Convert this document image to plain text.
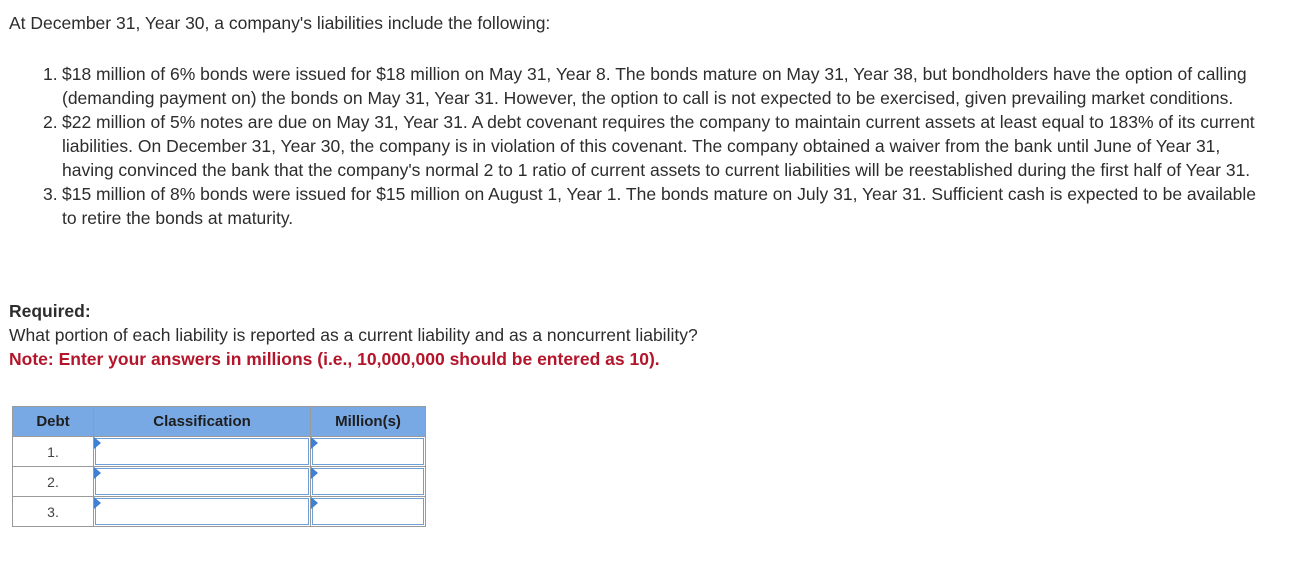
At December 31, Year 30, a company's liabilities include the following:
1. $18 million of 6% bonds were issued for $18 million on May 31, Year 8. The bonds mature on May 31, Year 38, but bondholders have the option of calling (demanding payment on) the bonds on May 31, Year 31. However, the option to call is not expected to be exercised, given prevailing market conditions.
2. $22 million of 5% notes are due on May 31, Year 31. A debt covenant requires the company to maintain current assets at least equal to 183% of its current liabilities. On December 31, Year 30, the company is in violation of this covenant. The company obtained a waiver from the bank until June of Year 31, having convinced the bank that the company's normal 2 to 1 ratio of current assets to current liabilities will be reestablished during the first half of Year 31.
3. $15 million of 8% bonds were issued for $15 million on August 1, Year 1. The bonds mature on July 31, Year 31. Sufficient cash is expected to be available to retire the bonds at maturity.
Required:
What portion of each liability is reported as a current liability and as a noncurrent liability?
Note: Enter your answers in millions (i.e., 10,000,000 should be entered as 10).
Debt	Classification	Million(s)
1.	

2.	

3.	
